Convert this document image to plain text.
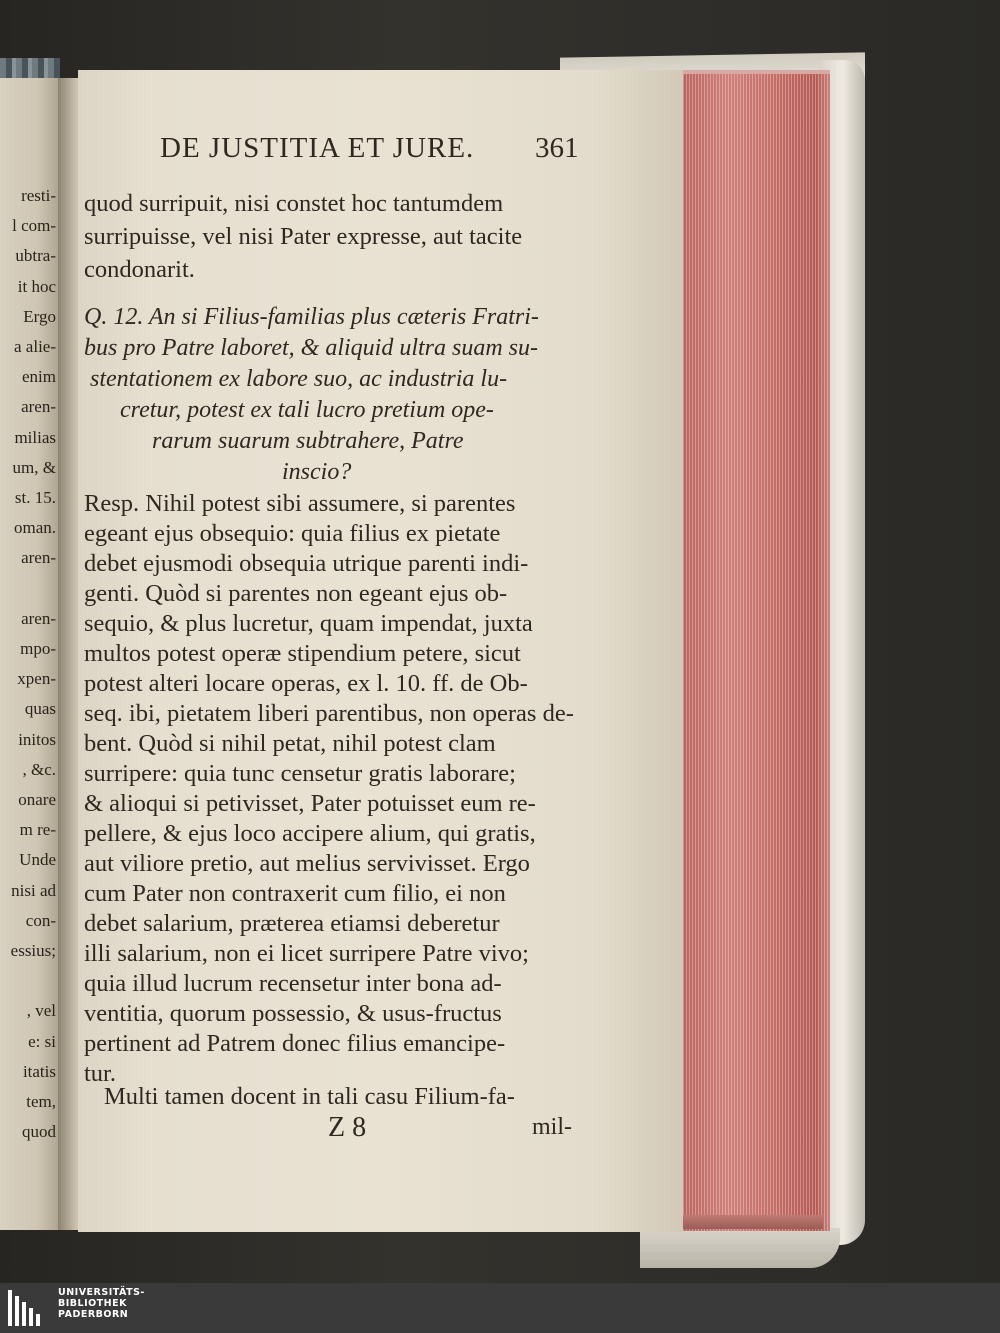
resti-
l com-
ubtra-
it hoc
Ergo
a alie-
enim
aren-
milias
um, &
st. 15.
oman.
aren-
aren-
mpo-
xpen-
quas
initos
, &c.
onare
m re-
Unde
nisi ad
con-
essius;
, vel
e: si
itatis
tem,
quod
DE JUSTITIA ET JURE. 361
quod surripuit, nisi constet hoc tantumdem
surripuisse, vel nisi Pater expresse, aut tacite
condonarit.
Q. 12. An si Filius-familias plus cæteris Fratri-
bus pro Patre laboret, & aliquid ultra suam su-
stentationem ex labore suo, ac industria lu-
cretur, potest ex tali lucro pretium ope-
rarum suarum subtrahere, Patre
inscio?
Resp. Nihil potest sibi assumere, si parentes
egeant ejus obsequio: quia filius ex pietate
debet ejusmodi obsequia utrique parenti indi-
genti. Quòd si parentes non egeant ejus ob-
sequio, & plus lucretur, quam impendat, juxta
multos potest operæ stipendium petere, sicut
potest alteri locare operas, ex l. 10. ff. de Ob-
seq. ibi, pietatem liberi parentibus, non operas de-
bent. Quòd si nihil petat, nihil potest clam
surripere: quia tunc censetur gratis laborare;
& alioqui si petivisset, Pater potuisset eum re-
pellere, & ejus loco accipere alium, qui gratis,
aut viliore pretio, aut melius servivisset. Ergo
cum Pater non contraxerit cum filio, ei non
debet salarium, præterea etiamsi deberetur
illi salarium, non ei licet surripere Patre vivo;
quia illud lucrum recensetur inter bona ad-
ventitia, quorum possessio, & usus-fructus
pertinent ad Patrem donec filius emancipe-
tur.
Multi tamen docent in tali casu Filium-fa-
Z 8	mil-
UNIVERSITÄTS-
BIBLIOTHEK
PADERBORN
